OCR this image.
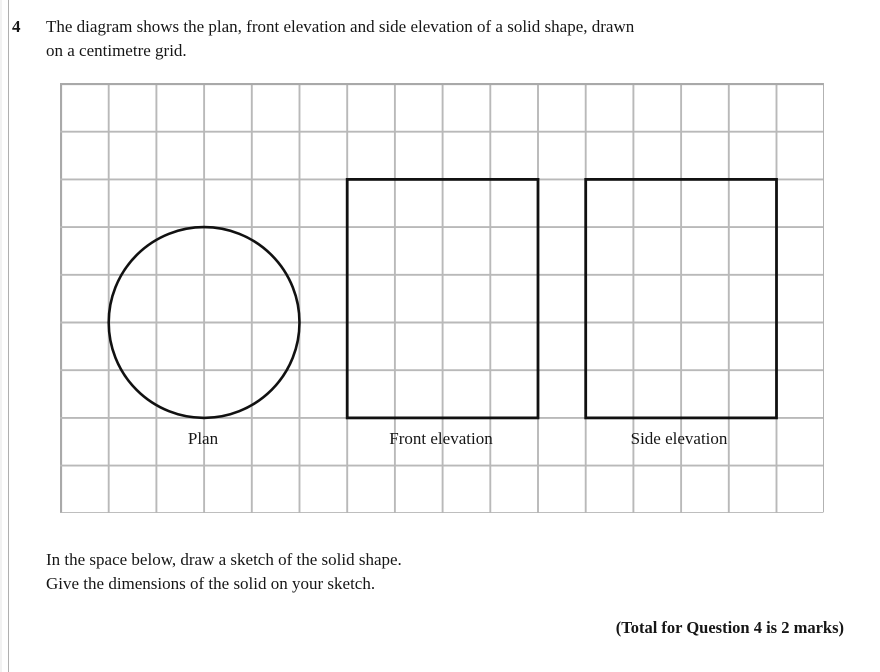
4 The diagram shows the plan, front elevation and side elevation of a solid shape, drawn
on a centimetre grid.
Plan	Front elevation	Side elevation
In the space below, draw a sketch of the solid shape.
Give the dimensions of the solid on your sketch.
(Total for Question 4 is 2 marks)
